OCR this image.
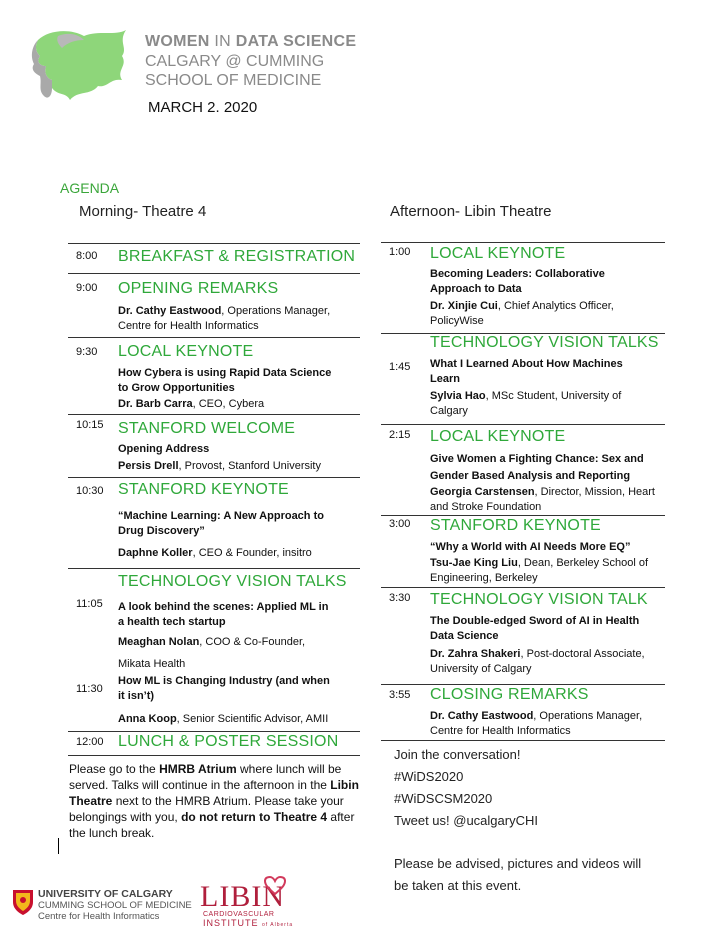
WOMEN IN DATA SCIENCE
CALGARY @ CUMMING
SCHOOL OF MEDICINE
MARCH 2. 2020
AGENDA
Morning- Theatre 4
8:00 BREAKFAST & REGISTRATION
9:00 OPENING REMARKS
Dr. Cathy Eastwood, Operations Manager,
Centre for Health Informatics
9:30 LOCAL KEYNOTE
How Cybera is using Rapid Data Science
to Grow Opportunities
Dr. Barb Carra, CEO, Cybera
10:15 STANFORD WELCOME
Opening Address
Persis Drell, Provost, Stanford University
10:30 STANFORD KEYNOTE
“Machine Learning: A New Approach to
Drug Discovery”
Daphne Koller, CEO & Founder, insitro
TECHNOLOGY VISION TALKS
11:05 A look behind the scenes: Applied ML in
a health tech startup
Meaghan Nolan, COO & Co-Founder,
Mikata Health
11:30
How ML is Changing Industry (and when
it isn’t)
Anna Koop, Senior Scientific Advisor, AMII
12:00 LUNCH & POSTER SESSION
Please go to the HMRB Atrium where lunch will be served. Talks will continue in the afternoon in the Libin Theatre next to the HMRB Atrium. Please take your belongings with you, do not return to Theatre 4 after the lunch break.
Afternoon- Libin Theatre
1:00 LOCAL KEYNOTE
Becoming Leaders: Collaborative
Approach to Data
Dr. Xinjie Cui, Chief Analytics Officer,
PolicyWise
TECHNOLOGY VISION TALKS
1:45 What I Learned About How Machines
Learn
Sylvia Hao, MSc Student, University of
Calgary
2:15 LOCAL KEYNOTE
Give Women a Fighting Chance: Sex and
Gender Based Analysis and Reporting
Georgia Carstensen, Director, Mission, Heart
and Stroke Foundation
3:00 STANFORD KEYNOTE
“Why a World with AI Needs More EQ”
Tsu-Jae King Liu, Dean, Berkeley School of
Engineering, Berkeley
3:30 TECHNOLOGY VISION TALK
The Double-edged Sword of AI in Health
Data Science
Dr. Zahra Shakeri, Post-doctoral Associate,
University of Calgary
3:55 CLOSING REMARKS
Dr. Cathy Eastwood, Operations Manager,
Centre for Health Informatics
Join the conversation!
#WiDS2020
#WiDSCSM2020
Tweet us! @ucalgaryCHI
Please be advised, pictures and videos will
be taken at this event.
UNIVERSITY OF CALGARY
CUMMING SCHOOL OF MEDICINE
Centre for Health Informatics
LIBIN
CARDIOVASCULAR
INSTITUTE of Alberta
